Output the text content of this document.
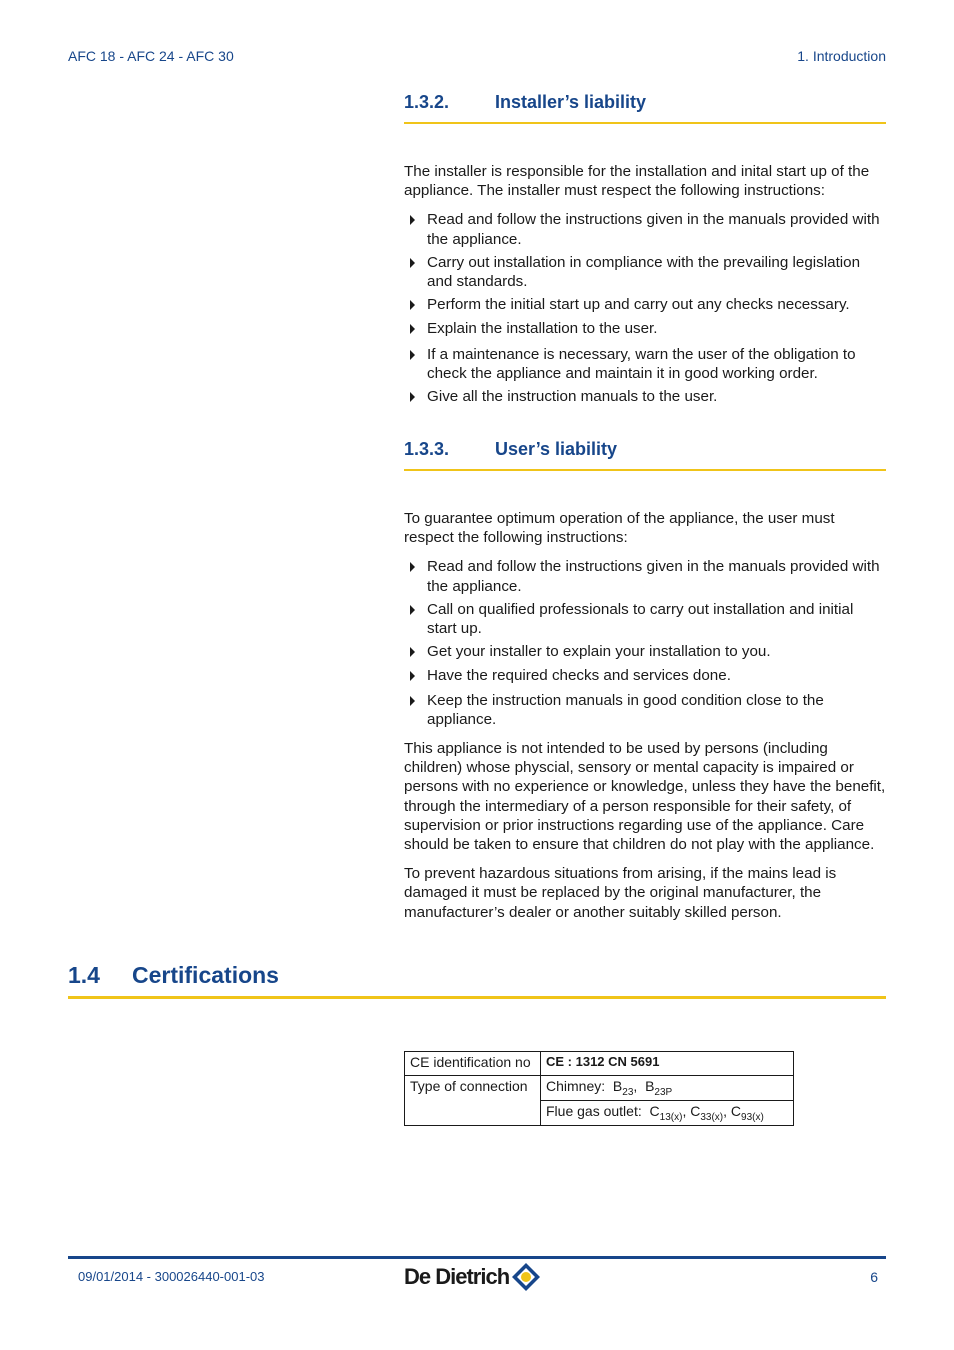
AFC 18 - AFC 24 - AFC 30	1. Introduction
1.3.2.	Installer’s liability

The installer is responsible for the installation and inital start up of the appliance. The installer must respect the following instructions:

Read and follow the instructions given in the manuals provided with the appliance.
Carry out installation in compliance with the prevailing legislation and standards.
Perform the initial start up and carry out any checks necessary.
Explain the installation to the user.
If a maintenance is necessary, warn the user of the obligation to check the appliance and maintain it in good working order.
Give all the instruction manuals to the user.
1.3.3.	User’s liability

To guarantee optimum operation of the appliance, the user must respect the following instructions:

Read and follow the instructions given in the manuals provided with the appliance.
Call on qualified professionals to carry out installation and initial start up.
Get your installer to explain your installation to you.
Have the required checks and services done.
Keep the instruction manuals in good condition close to the appliance.

This appliance is not intended to be used by persons (including children) whose physcial, sensory or mental capacity is impaired or persons with no experience or knowledge, unless they have the benefit, through the intermediary of a person responsible for their safety, of supervision or prior instructions regarding use of the appliance. Care should be taken to ensure that children do not play with the appliance.

To prevent hazardous situations from arising, if the mains lead is damaged it must be replaced by the original manufacturer, the manufacturer’s dealer or another suitably skilled person.

1.4 Certifications
CE identification no	CE : 1312 CN 5691
Type of connection	Chimney: $B_{23}$, $B_{23P}$
	Flue gas outlet: $C_{13(x)}$, $C_{33(x)}$, $C_{93(x)}$
09/01/2014 - 300026440-001-03	De Dietrich	6
